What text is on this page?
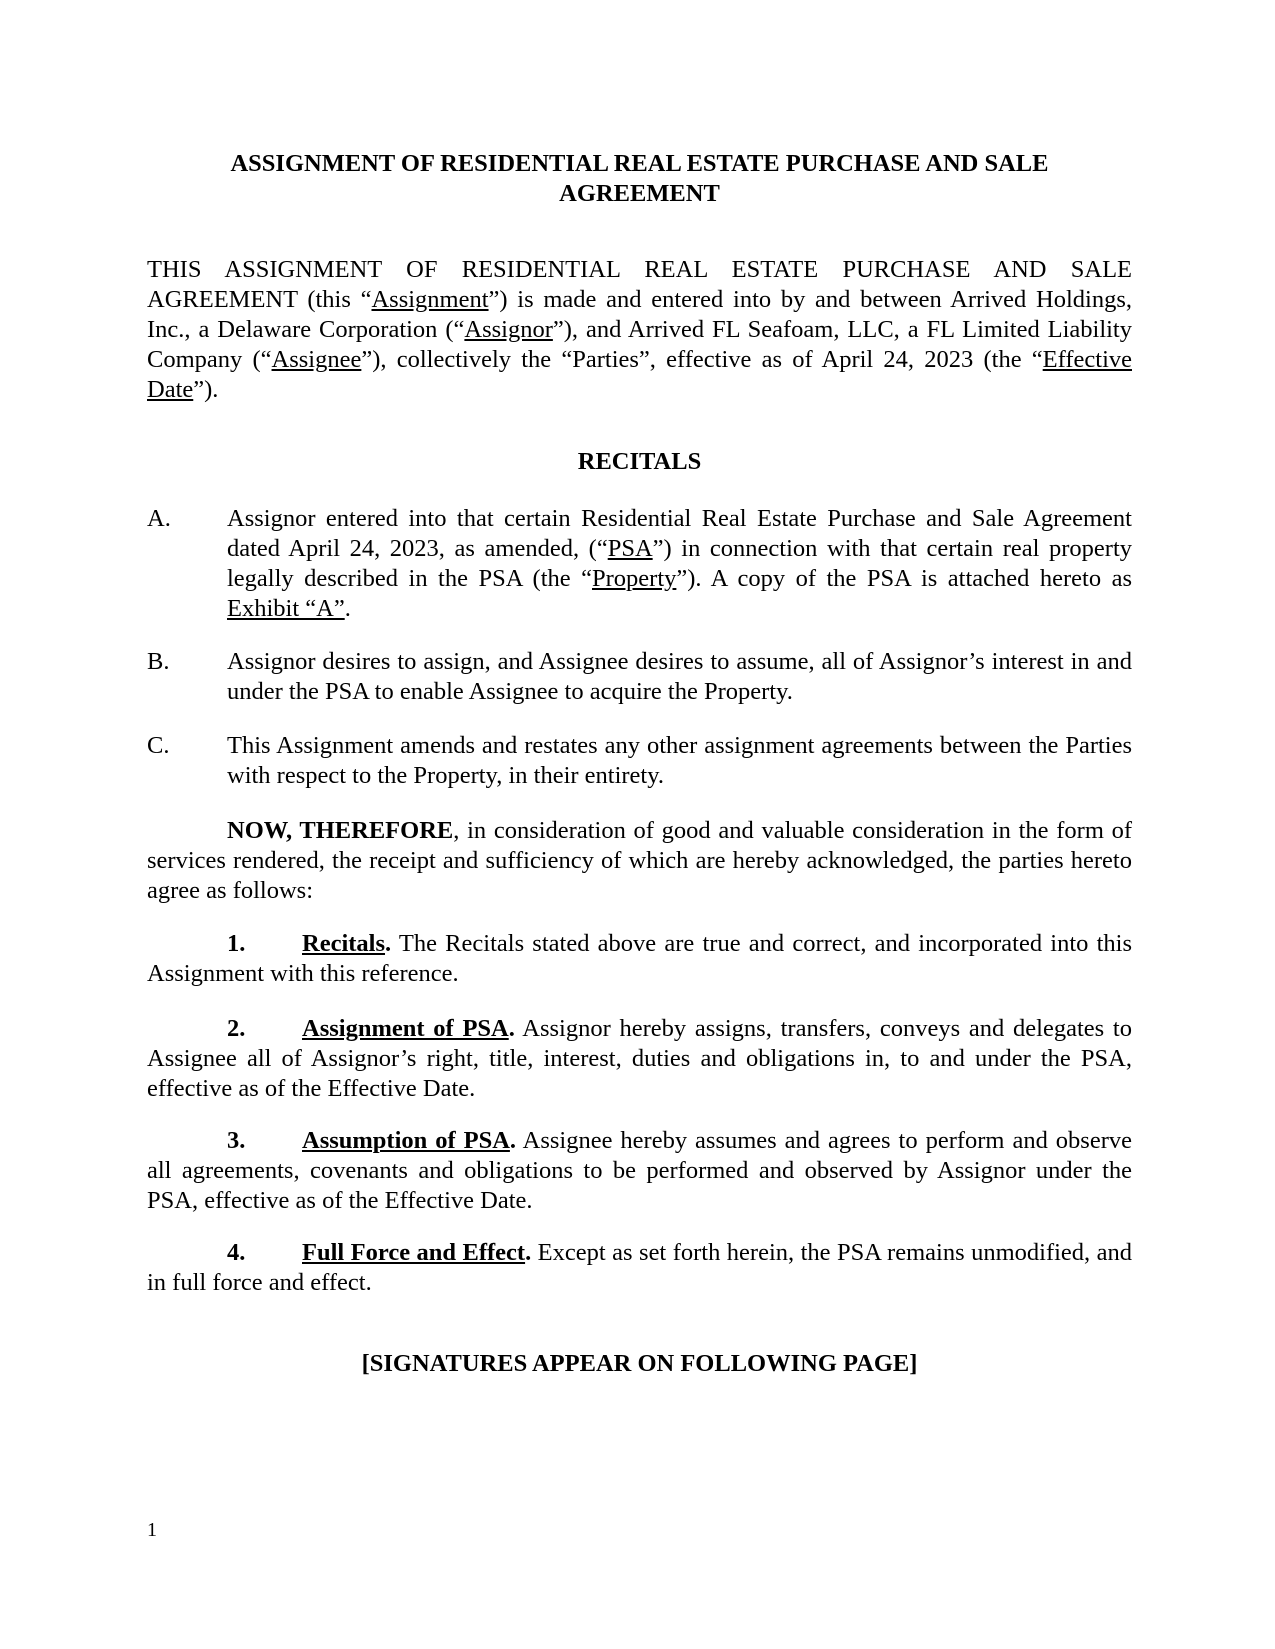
ASSIGNMENT OF RESIDENTIAL REAL ESTATE PURCHASE AND SALE
AGREEMENT

THIS ASSIGNMENT OF RESIDENTIAL REAL ESTATE PURCHASE AND SALE AGREEMENT (this “Assignment”) is made and entered into by and between Arrived Holdings, Inc., a Delaware Corporation (“Assignor”), and Arrived FL Seafoam, LLC, a FL Limited Liability Company (“Assignee”), collectively the “Parties”, effective as of April 24, 2023 (the “Effective Date”).

RECITALS

A. Assignor entered into that certain Residential Real Estate Purchase and Sale Agreement dated April 24, 2023, as amended, (“PSA”) in connection with that certain real property legally described in the PSA (the “Property”). A copy of the PSA is attached hereto as Exhibit “A”.

B. Assignor desires to assign, and Assignee desires to assume, all of Assignor’s interest in and under the PSA to enable Assignee to acquire the Property.

C. This Assignment amends and restates any other assignment agreements between the Parties with respect to the Property, in their entirety.

NOW, THEREFORE, in consideration of good and valuable consideration in the form of services rendered, the receipt and sufficiency of which are hereby acknowledged, the parties hereto agree as follows:

1. Recitals. The Recitals stated above are true and correct, and incorporated into this Assignment with this reference.

2. Assignment of PSA. Assignor hereby assigns, transfers, conveys and delegates to Assignee all of Assignor’s right, title, interest, duties and obligations in, to and under the PSA, effective as of the Effective Date.

3. Assumption of PSA. Assignee hereby assumes and agrees to perform and observe all agreements, covenants and obligations to be performed and observed by Assignor under the PSA, effective as of the Effective Date.

4. Full Force and Effect. Except as set forth herein, the PSA remains unmodified, and in full force and effect.

[SIGNATURES APPEAR ON FOLLOWING PAGE]

1
